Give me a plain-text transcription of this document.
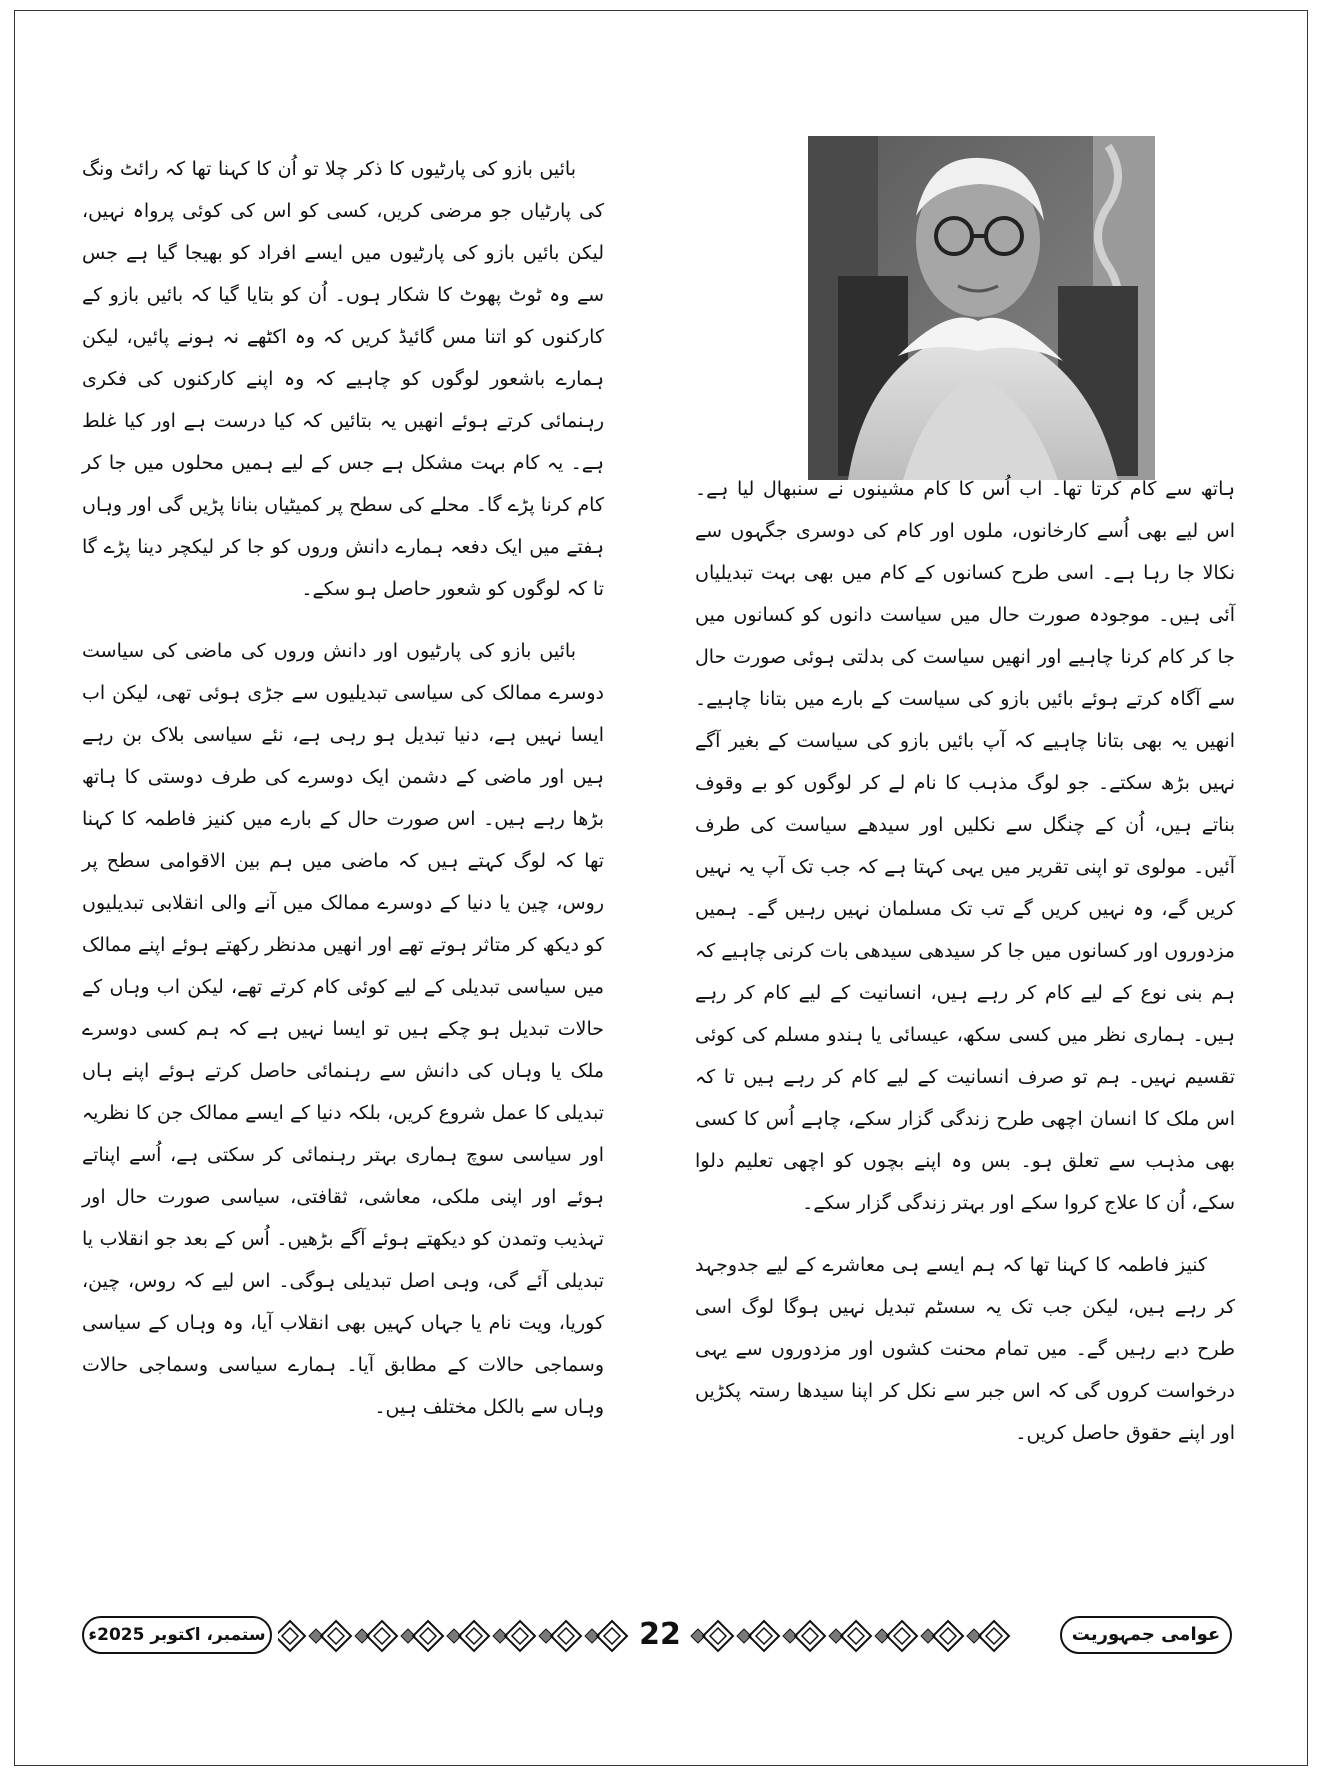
بائیں بازو کی پارٹیوں کا ذکر چلا تو اُن کا کہنا تھا کہ رائٹ ونگ کی پارٹیاں جو مرضی کریں، کسی کو اس کی کوئی پرواہ نہیں، لیکن بائیں بازو کی پارٹیوں میں ایسے افراد کو بھیجا گیا ہے جس سے وہ ٹوٹ پھوٹ کا شکار ہوں۔ اُن کو بتایا گیا کہ بائیں بازو کے کارکنوں کو اتنا مس گائیڈ کریں کہ وہ اکٹھے نہ ہونے پائیں، لیکن ہمارے باشعور لوگوں کو چاہیے کہ وہ اپنے کارکنوں کی فکری رہنمائی کرتے ہوئے انھیں یہ بتائیں کہ کیا درست ہے اور کیا غلط ہے۔ یہ کام بہت مشکل ہے جس کے لیے ہمیں محلوں میں جا کر کام کرنا پڑے گا۔ محلے کی سطح پر کمیٹیاں بنانا پڑیں گی اور وہاں ہفتے میں ایک دفعہ ہمارے دانش وروں کو جا کر لیکچر دینا پڑے گا تا کہ لوگوں کو شعور حاصل ہو سکے۔

بائیں بازو کی پارٹیوں اور دانش وروں کی ماضی کی سیاست دوسرے ممالک کی سیاسی تبدیلیوں سے جڑی ہوئی تھی، لیکن اب ایسا نہیں ہے، دنیا تبدیل ہو رہی ہے، نئے سیاسی بلاک بن رہے ہیں اور ماضی کے دشمن ایک دوسرے کی طرف دوستی کا ہاتھ بڑھا رہے ہیں۔ اس صورت حال کے بارے میں کنیز فاطمہ کا کہنا تھا کہ لوگ کہتے ہیں کہ ماضی میں ہم بین الاقوامی سطح پر روس، چین یا دنیا کے دوسرے ممالک میں آنے والی انقلابی تبدیلیوں کو دیکھ کر متاثر ہوتے تھے اور انھیں مدنظر رکھتے ہوئے اپنے ممالک میں سیاسی تبدیلی کے لیے کوئی کام کرتے تھے، لیکن اب وہاں کے حالات تبدیل ہو چکے ہیں تو ایسا نہیں ہے کہ ہم کسی دوسرے ملک یا وہاں کی دانش سے رہنمائی حاصل کرتے ہوئے اپنے ہاں تبدیلی کا عمل شروع کریں، بلکہ دنیا کے ایسے ممالک جن کا نظریہ اور سیاسی سوچ ہماری بہتر رہنمائی کر سکتی ہے، اُسے اپناتے ہوئے اور اپنی ملکی، معاشی، ثقافتی، سیاسی صورت حال اور تہذیب وتمدن کو دیکھتے ہوئے آگے بڑھیں۔ اُس کے بعد جو انقلاب یا تبدیلی آئے گی، وہی اصل تبدیلی ہوگی۔ اس لیے کہ روس، چین، کوریا، ویت نام یا جہاں کہیں بھی انقلاب آیا، وہ وہاں کے سیاسی وسماجی حالات کے مطابق آیا۔ ہمارے سیاسی وسماجی حالات وہاں سے بالکل مختلف ہیں۔

ہاتھ سے کام کرتا تھا۔ اب اُس کا کام مشینوں نے سنبھال لیا ہے۔ اس لیے بھی اُسے کارخانوں، ملوں اور کام کی دوسری جگہوں سے نکالا جا رہا ہے۔ اسی طرح کسانوں کے کام میں بھی بہت تبدیلیاں آئی ہیں۔ موجودہ صورت حال میں سیاست دانوں کو کسانوں میں جا کر کام کرنا چاہیے اور انھیں سیاست کی بدلتی ہوئی صورت حال سے آگاہ کرتے ہوئے بائیں بازو کی سیاست کے بارے میں بتانا چاہیے۔ انھیں یہ بھی بتانا چاہیے کہ آپ بائیں بازو کی سیاست کے بغیر آگے نہیں بڑھ سکتے۔ جو لوگ مذہب کا نام لے کر لوگوں کو بے وقوف بناتے ہیں، اُن کے چنگل سے نکلیں اور سیدھے سیاست کی طرف آئیں۔ مولوی تو اپنی تقریر میں یہی کہتا ہے کہ جب تک آپ یہ نہیں کریں گے، وہ نہیں کریں گے تب تک مسلمان نہیں رہیں گے۔ ہمیں مزدوروں اور کسانوں میں جا کر سیدھی سیدھی بات کرنی چاہیے کہ ہم بنی نوع کے لیے کام کر رہے ہیں، انسانیت کے لیے کام کر رہے ہیں۔ ہماری نظر میں کسی سکھ، عیسائی یا ہندو مسلم کی کوئی تقسیم نہیں۔ ہم تو صرف انسانیت کے لیے کام کر رہے ہیں تا کہ اس ملک کا انسان اچھی طرح زندگی گزار سکے، چاہے اُس کا کسی بھی مذہب سے تعلق ہو۔ بس وہ اپنے بچوں کو اچھی تعلیم دلوا سکے، اُن کا علاج کروا سکے اور بہتر زندگی گزار سکے۔

کنیز فاطمہ کا کہنا تھا کہ ہم ایسے ہی معاشرے کے لیے جدوجہد کر رہے ہیں، لیکن جب تک یہ سسٹم تبدیل نہیں ہوگا لوگ اسی طرح دبے رہیں گے۔ میں تمام محنت کشوں اور مزدوروں سے یہی درخواست کروں گی کہ اس جبر سے نکل کر اپنا سیدھا رستہ پکڑیں اور اپنے حقوق حاصل کریں۔

عوامی جمہوریت
ستمبر، اکتوبر 2025ء	22
